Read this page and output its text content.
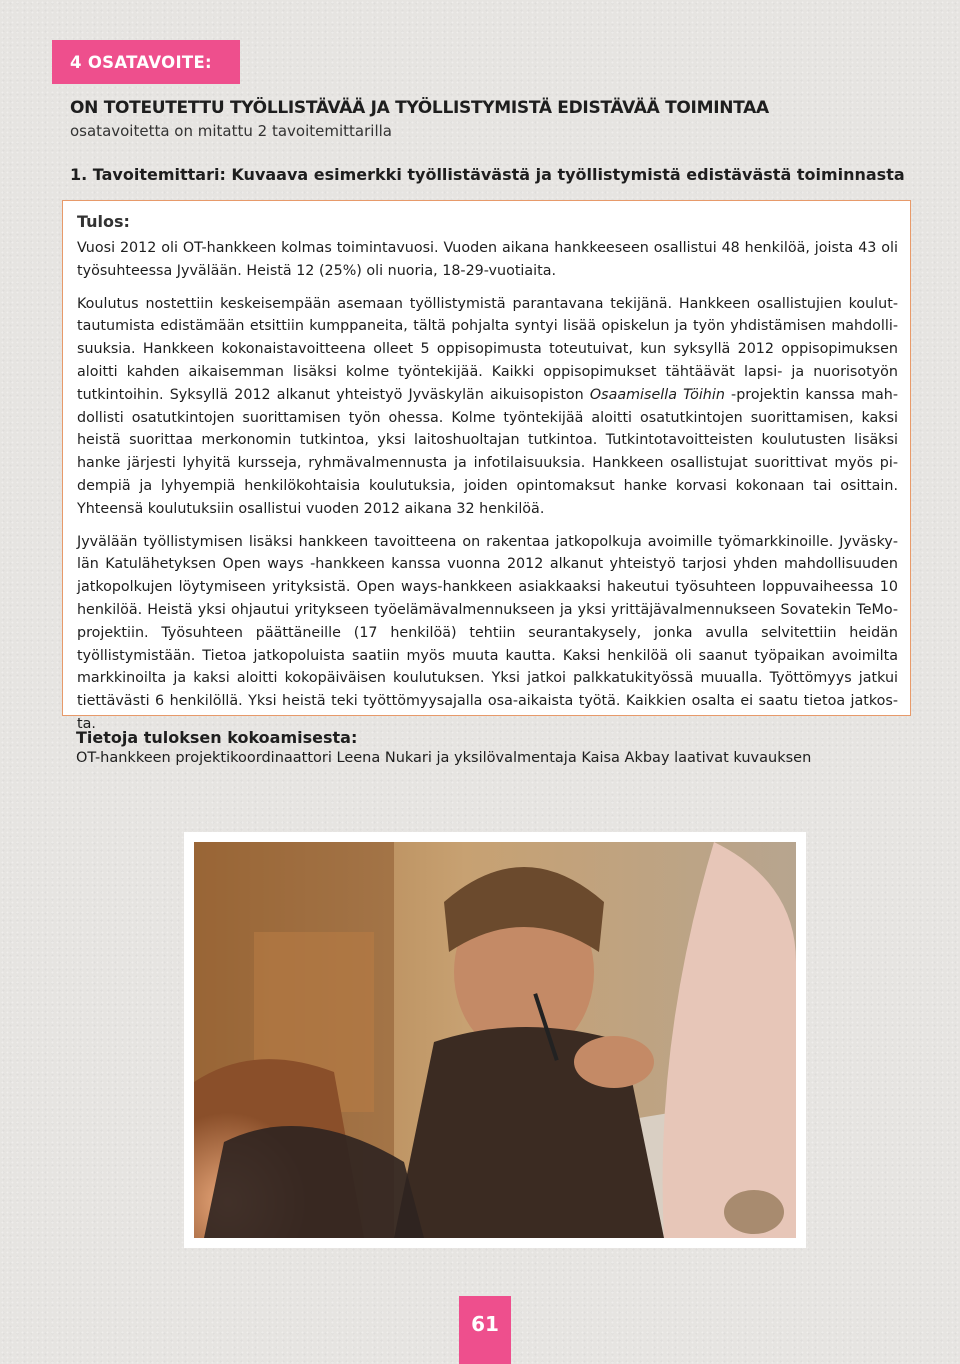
4 OSATAVOITE:
ON TOTEUTETTU TYÖLLISTÄVÄÄ JA TYÖLLISTYMISTÄ EDISTÄVÄÄ TOIMINTAA
osatavoitetta on mitattu 2 tavoitemittarilla
1. Tavoitemittari: Kuvaava esimerkki työllistävästä ja työllistymistä edistävästä toiminnasta
Tulos:

Vuosi 2012 oli OT-hankkeen kolmas toimintavuosi. Vuoden aikana hankkeeseen osallistui 48 henkilöä, joista 43 oli työsuhteessa Jyvälään. Heistä 12 (25%) oli nuoria, 18-29-vuotiaita.

Koulutus nostettiin keskeisempään asemaan työllistymistä parantavana tekijänä. Hankkeen osallistujien kouluttautumista edistämään etsittiin kumppaneita, tältä pohjalta syntyi lisää opiskelun ja työn yhdistämisen mahdollisuuksia. Hankkeen kokonaistavoitteena olleet 5 oppisopimusta toteutuivat, kun syksyllä 2012 oppisopimuksen aloitti kahden aikaisemman lisäksi kolme työntekijää. Kaikki oppisopimukset tähtäävät lapsi- ja nuorisotyön tutkintoihin. Syksyllä 2012 alkanut yhteistyö Jyväskylän aikuisopiston Osaamisella Töihin -projektin kanssa mahdollisti osatutkintojen suorittamisen työn ohessa. Kolme työntekijää aloitti osatutkintojen suorittamisen, kaksi heistä suorittaa merkonomin tutkintoa, yksi laitoshuoltajan tutkintoa. Tutkintotavoitteisten koulutusten lisäksi hanke järjesti lyhyitä kursseja, ryhmävalmennusta ja infotilaisuuksia. Hankkeen osallistujat suorittivat myös pidempiä ja lyhyempiä henkilökohtaisia koulutuksia, joiden opintomaksut hanke korvasi kokonaan tai osittain. Yhteensä koulutuksiin osallistui vuoden 2012 aikana 32 henkilöä.

Jyvälään työllistymisen lisäksi hankkeen tavoitteena on rakentaa jatkopolkuja avoimille työmarkkinoille. Jyväskylän Katulähetyksen Open ways -hankkeen kanssa vuonna 2012 alkanut yhteistyö tarjosi yhden mahdollisuuden jatkopolkujen löytymiseen yrityksistä. Open ways-hankkeen asiakkaaksi hakeutui työsuhteen loppuvaiheessa 10 henkilöä. Heistä yksi ohjautui yritykseen työelämävalmennukseen ja yksi yrittäjävalmennukseen Sovatekin TeMo-projektiin. Työsuhteen päättäneille (17 henkilöä) tehtiin seurantakysely, jonka avulla selvitettiin heidän työllistymistään. Tietoa jatkopoluista saatiin myös muuta kautta. Kaksi henkilöä oli saanut työpaikan avoimilta markkinoilta ja kaksi aloitti kokopäiväisen koulutuksen. Yksi jatkoi palkkatukityössä muualla. Työttömyys jatkui tiettävästi 6 henkilöllä. Yksi heistä teki työttömyysajalla osa-aikaista työtä. Kaikkien osalta ei saatu tietoa jatkosta.

Tietoja tuloksen kokoamisesta:
OT-hankkeen projektikoordinaattori Leena Nukari ja yksilövalmentaja Kaisa Akbay laativat kuvauksen
61
